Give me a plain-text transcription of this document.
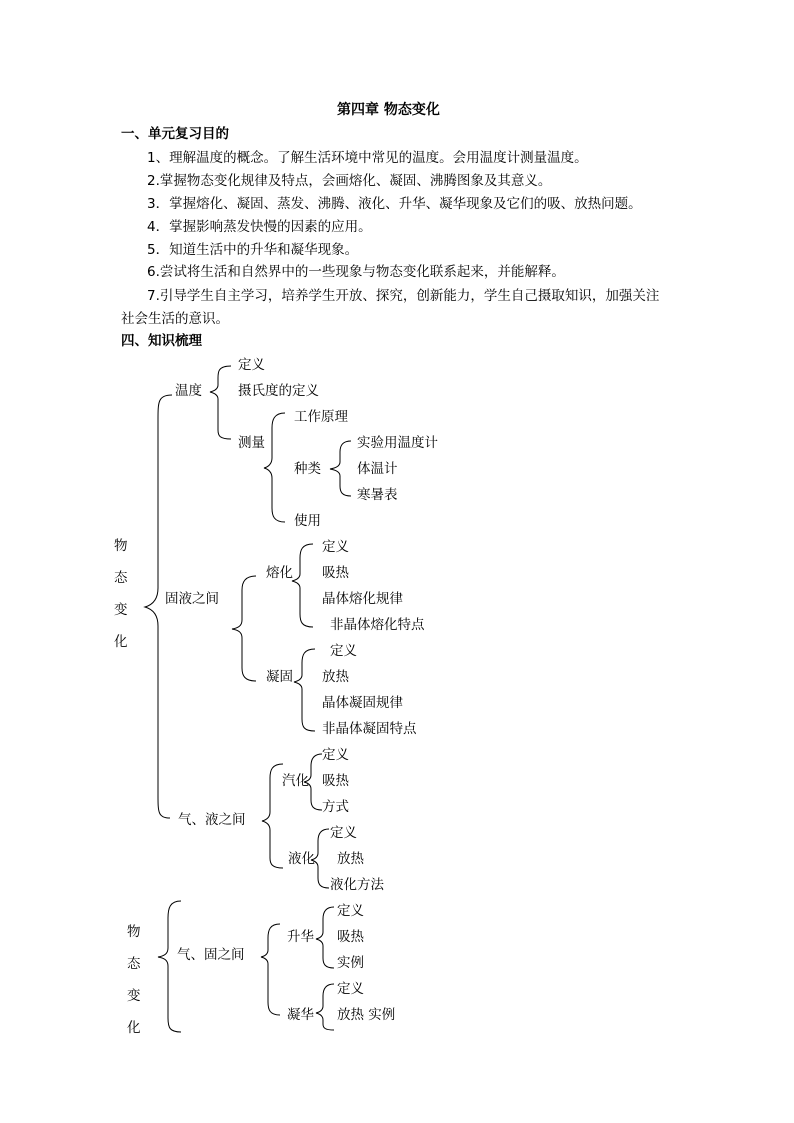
第四章 物态变化
一、单元复习目的
1、理解温度的概念。了解生活环境中常见的温度。会用温度计测量温度。
2.掌握物态变化规律及特点，会画熔化、凝固、沸腾图象及其意义。
3．掌握熔化、凝固、蒸发、沸腾、液化、升华、凝华现象及它们的吸、放热问题。
4．掌握影响蒸发快慢的因素的应用。
5．知道生活中的升华和凝华现象。
6.尝试将生活和自然界中的一些现象与物态变化联系起来，并能解释。
7.引导学生自主学习，培养学生开放、探究，创新能力，学生自己摄取知识，加强关注
社会生活的意识。
四、知识梳理
物
态
变
化
温度
定义
摄氏度的定义
测量
工作原理
种类
实验用温度计
体温计
寒暑表
使用
固液之间
熔化
定义
吸热
晶体熔化规律
非晶体熔化特点
凝固
定义
放热
晶体凝固规律
非晶体凝固特点
气、液之间
汽化
定义
吸热
方式
液化
定义
放热
液化方法
物
态
变
化
气、固之间
升华
定义
吸热
实例
凝华
定义
放热 实例
